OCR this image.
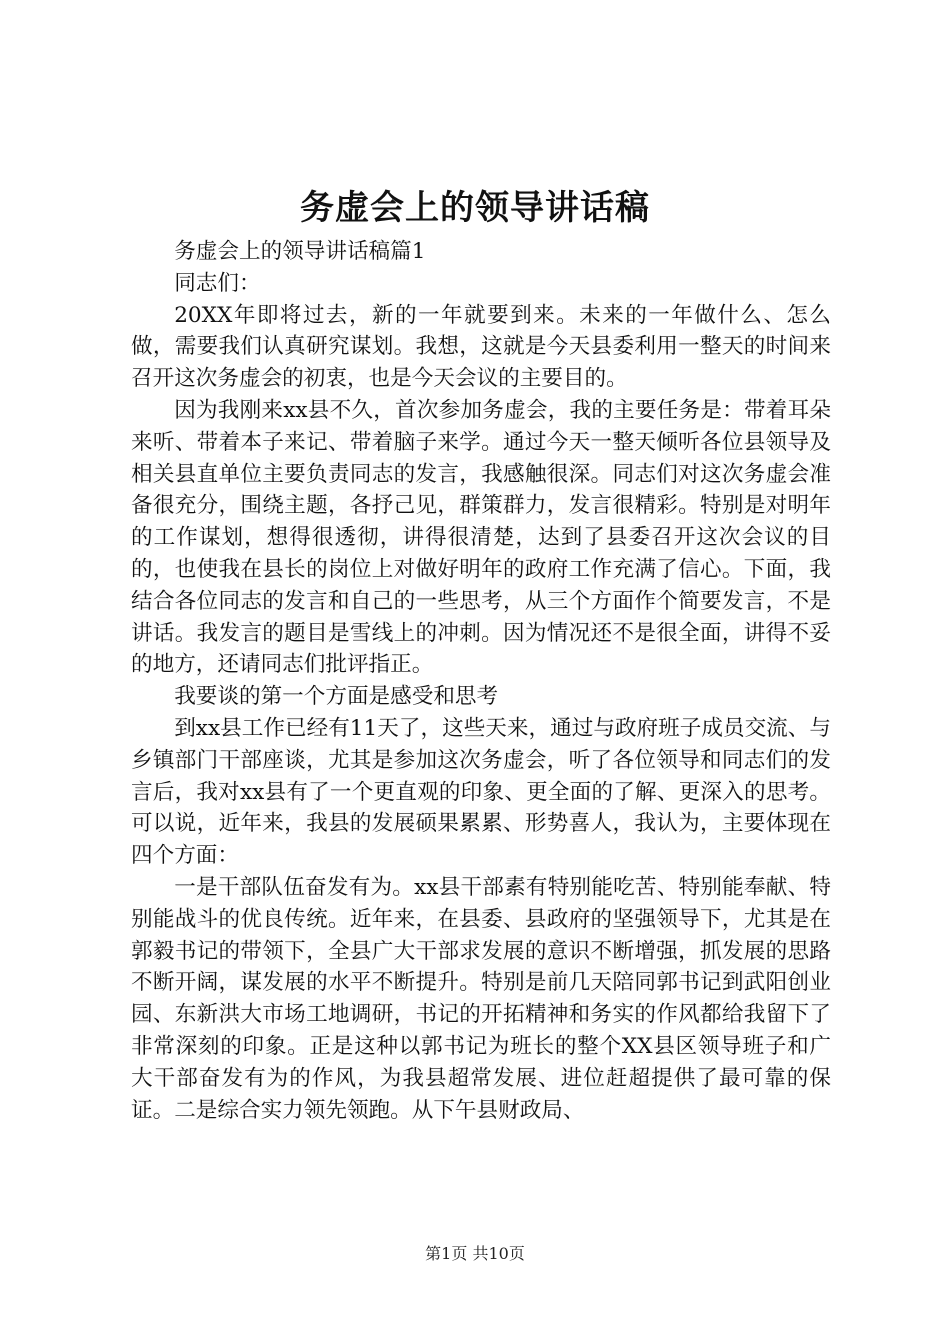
务虚会上的领导讲话稿

务虚会上的领导讲话稿篇1

同志们：

20XX年即将过去，新的一年就要到来。未来的一年做什么、怎么做，需要我们认真研究谋划。我想，这就是今天县委利用一整天的时间来召开这次务虚会的初衷，也是今天会议的主要目的。

因为我刚来xx县不久，首次参加务虚会，我的主要任务是：带着耳朵来听、带着本子来记、带着脑子来学。通过今天一整天倾听各位县领导及相关县直单位主要负责同志的发言，我感触很深。同志们对这次务虚会准备很充分，围绕主题，各抒己见，群策群力，发言很精彩。特别是对明年的工作谋划，想得很透彻，讲得很清楚，达到了县委召开这次会议的目的，也使我在县长的岗位上对做好明年的政府工作充满了信心。下面，我结合各位同志的发言和自己的一些思考，从三个方面作个简要发言，不是讲话。我发言的题目是雪线上的冲刺。因为情况还不是很全面，讲得不妥的地方，还请同志们批评指正。

我要谈的第一个方面是感受和思考

到xx县工作已经有11天了，这些天来，通过与政府班子成员交流、与乡镇部门干部座谈，尤其是参加这次务虚会，听了各位领导和同志们的发言后，我对xx县有了一个更直观的印象、更全面的了解、更深入的思考。可以说，近年来，我县的发展硕果累累、形势喜人，我认为，主要体现在四个方面：

一是干部队伍奋发有为。xx县干部素有特别能吃苦、特别能奉献、特别能战斗的优良传统。近年来，在县委、县政府的坚强领导下，尤其是在郭毅书记的带领下，全县广大干部求发展的意识不断增强，抓发展的思路不断开阔，谋发展的水平不断提升。特别是前几天陪同郭书记到武阳创业园、东新洪大市场工地调研，书记的开拓精神和务实的作风都给我留下了非常深刻的印象。正是这种以郭书记为班长的整个XX县区领导班子和广大干部奋发有为的作风，为我县超常发展、进位赶超提供了最可靠的保证。二是综合实力领先领跑。从下午县财政局、

第1页 共10页
